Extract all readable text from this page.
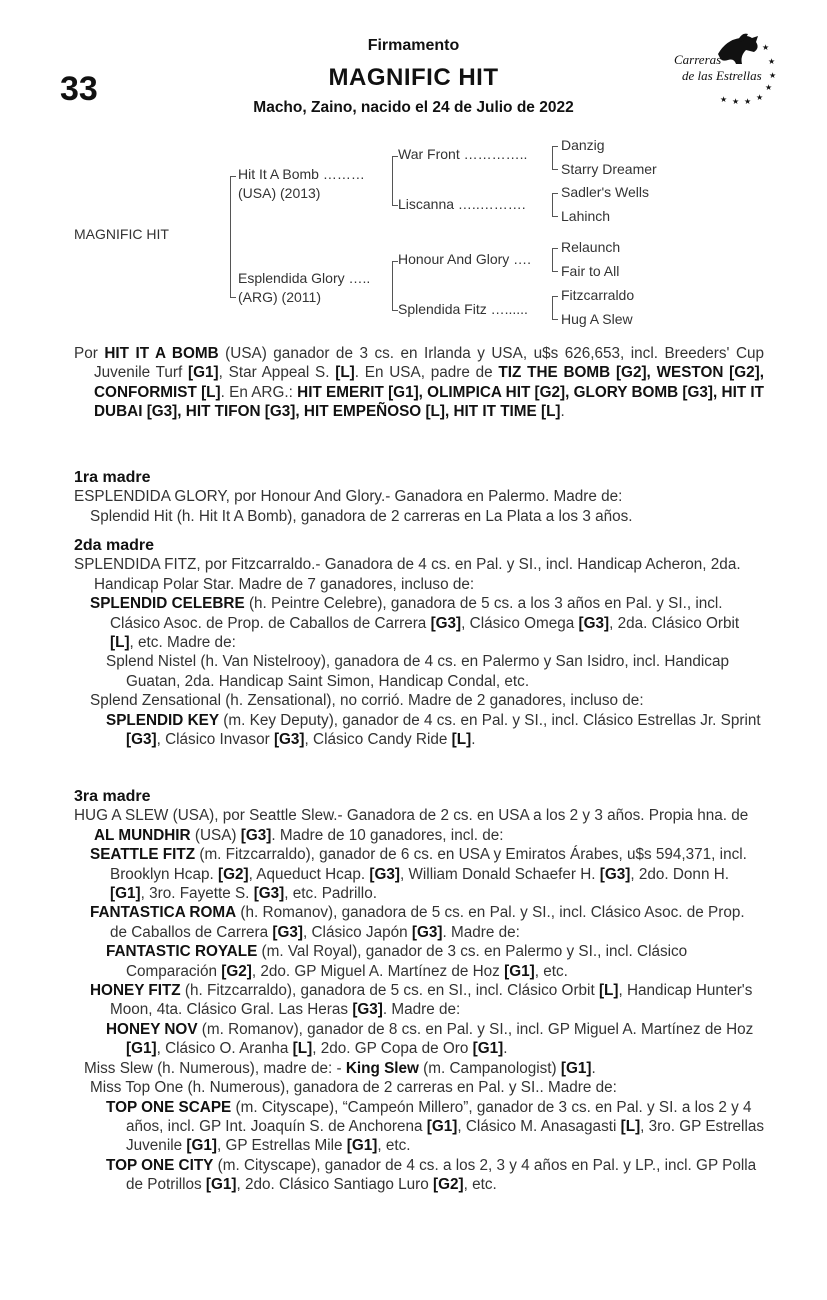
33
Firmamento
MAGNIFIC HIT
Macho, Zaino, nacido el 24 de Julio de 2022
★
★
★
★
★
★
★
★
Carreras
de las Estrellas
MAGNIFIC HIT
Hit It A Bomb ………
(USA) (2013)
Esplendida Glory …..
(ARG) (2011)
War Front …………..
Liscanna …..……….
Honour And Glory ….
Splendida Fitz …......
Danzig
Starry Dreamer
Sadler's Wells
Lahinch
Relaunch
Fair to All
Fitzcarraldo
Hug A Slew

Por HIT IT A BOMB (USA) ganador de 3 cs. en Irlanda y USA, u$s 626,653, incl. Breeders' Cup Juvenile Turf [G1], Star Appeal S. [L]. En USA, padre de TIZ THE BOMB [G2], WESTON [G2], CONFORMIST [L]. En ARG.: HIT EMERIT [G1], OLIMPICA HIT [G2], GLORY BOMB [G3], HIT IT DUBAI [G3], HIT TIFON [G3], HIT EMPEÑOSO [L], HIT IT TIME [L].

1ra madre

ESPLENDIDA GLORY, por Honour And Glory.- Ganadora en Palermo. Madre de:

Splendid Hit (h. Hit It A Bomb), ganadora de 2 carreras en La Plata a los 3 años.

2da madre

SPLENDIDA FITZ, por Fitzcarraldo.- Ganadora de 4 cs. en Pal. y SI., incl. Handicap Acheron, 2da. Handicap Polar Star. Madre de 7 ganadores, incluso de:

SPLENDID CELEBRE (h. Peintre Celebre), ganadora de 5 cs. a los 3 años en Pal. y SI., incl. Clásico Asoc. de Prop. de Caballos de Carrera [G3], Clásico Omega [G3], 2da. Clásico Orbit [L], etc. Madre de:

Splend Nistel (h. Van Nistelrooy), ganadora de 4 cs. en Palermo y San Isidro, incl. Handicap Guatan, 2da. Handicap Saint Simon, Handicap Condal, etc.

Splend Zensational (h. Zensational), no corrió. Madre de 2 ganadores, incluso de:

SPLENDID KEY (m. Key Deputy), ganador de 4 cs. en Pal. y SI., incl. Clásico Estrellas Jr. Sprint [G3], Clásico Invasor [G3], Clásico Candy Ride [L].

3ra madre

HUG A SLEW (USA), por Seattle Slew.- Ganadora de 2 cs. en USA a los 2 y 3 años. Propia hna. de AL MUNDHIR (USA) [G3]. Madre de 10 ganadores, incl. de:

SEATTLE FITZ (m. Fitzcarraldo), ganador de 6 cs. en USA y Emiratos Árabes, u$s 594,371, incl. Brooklyn Hcap. [G2], Aqueduct Hcap. [G3], William Donald Schaefer H. [G3], 2do. Donn H. [G1], 3ro. Fayette S. [G3], etc. Padrillo.

FANTASTICA ROMA (h. Romanov), ganadora de 5 cs. en Pal. y SI., incl. Clásico Asoc. de Prop. de Caballos de Carrera [G3], Clásico Japón [G3]. Madre de:

FANTASTIC ROYALE (m. Val Royal), ganador de 3 cs. en Palermo y SI., incl. Clásico Comparación [G2], 2do. GP Miguel A. Martínez de Hoz [G1], etc.

HONEY FITZ (h. Fitzcarraldo), ganadora de 5 cs. en SI., incl. Clásico Orbit [L], Handicap Hunter's Moon, 4ta. Clásico Gral. Las Heras [G3]. Madre de:

HONEY NOV (m. Romanov), ganador de 8 cs. en Pal. y SI., incl. GP Miguel A. Martínez de Hoz [G1], Clásico O. Aranha [L], 2do. GP Copa de Oro [G1].

Miss Slew (h. Numerous), madre de: - King Slew (m. Campanologist) [G1].

Miss Top One (h. Numerous), ganadora de 2 carreras en Pal. y SI.. Madre de:

TOP ONE SCAPE (m. Cityscape), “Campeón Millero”, ganador de 3 cs. en Pal. y SI. a los 2 y 4 años, incl. GP Int. Joaquín S. de Anchorena [G1], Clásico M. Anasagasti [L], 3ro. GP Estrellas Juvenile [G1], GP Estrellas Mile [G1], etc.

TOP ONE CITY (m. Cityscape), ganador de 4 cs. a los 2, 3 y 4 años en Pal. y LP., incl. GP Polla de Potrillos [G1], 2do. Clásico Santiago Luro [G2], etc.
